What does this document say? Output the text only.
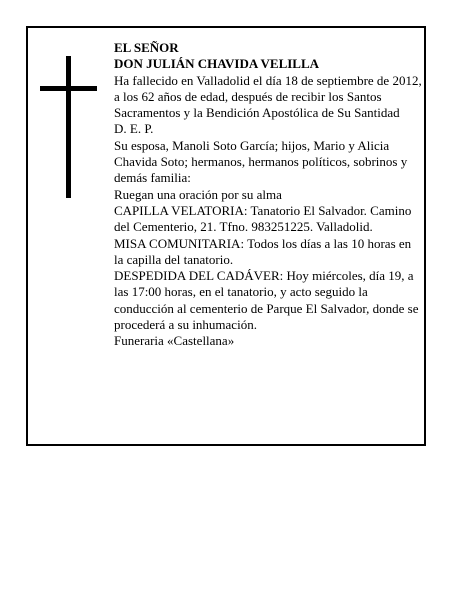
EL SEÑOR

DON JULIÁN CHAVIDA VELILLA

Ha fallecido en Valladolid el día 18 de septiembre de 2012, a los 62 años de edad, después de recibir los Santos Sacramentos y la Bendición Apostólica de Su Santidad

D. E. P.

Su esposa, Manoli Soto García; hijos, Mario y Alicia Chavida Soto; hermanos, hermanos políticos, sobrinos y demás familia:

Ruegan una oración por su alma

CAPILLA VELATORIA: Tanatorio El Salvador. Camino del Cementerio, 21. Tfno. 983251225. Valladolid.

MISA COMUNITARIA: Todos los días a las 10 horas en la capilla del tanatorio.

DESPEDIDA DEL CADÁVER: Hoy miércoles, día 19, a las 17:00 horas, en el tanatorio, y acto seguido la conducción al cementerio de Parque El Salvador, donde se procederá a su inhumación.

Funeraria «Castellana»
